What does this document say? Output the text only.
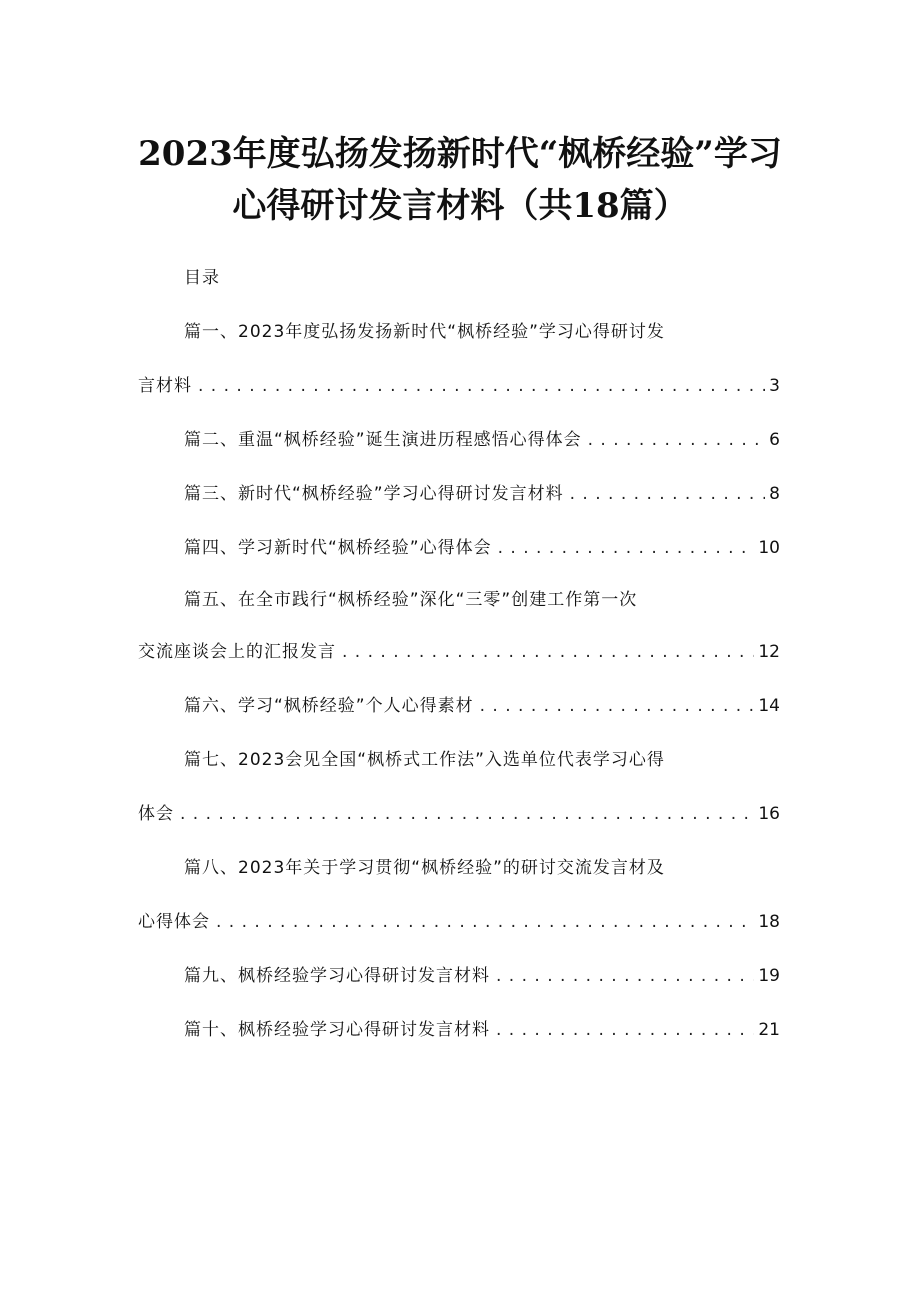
2023年度弘扬发扬新时代“枫桥经验”学习
心得研讨发言材料（共18篇）
目录
篇一、2023年度弘扬发扬新时代“枫桥经验”学习心得研讨发
言材料 . . .	3
篇二、重温“枫桥经验”诞生演进历程感悟心得体会 . . .	6
篇三、新时代“枫桥经验”学习心得研讨发言材料 . . .	8
篇四、学习新时代“枫桥经验”心得体会 . . .	10
篇五、在全市践行“枫桥经验”深化“三零”创建工作第一次
交流座谈会上的汇报发言 . . .	12
篇六、学习“枫桥经验”个人心得素材 . . .	14
篇七、2023会见全国“枫桥式工作法”入选单位代表学习心得
体会 . . .	16
篇八、2023年关于学习贯彻“枫桥经验”的研讨交流发言材及
心得体会 . . .	18
篇九、枫桥经验学习心得研讨发言材料 . . .	19
篇十、枫桥经验学习心得研讨发言材料 . . .	21
